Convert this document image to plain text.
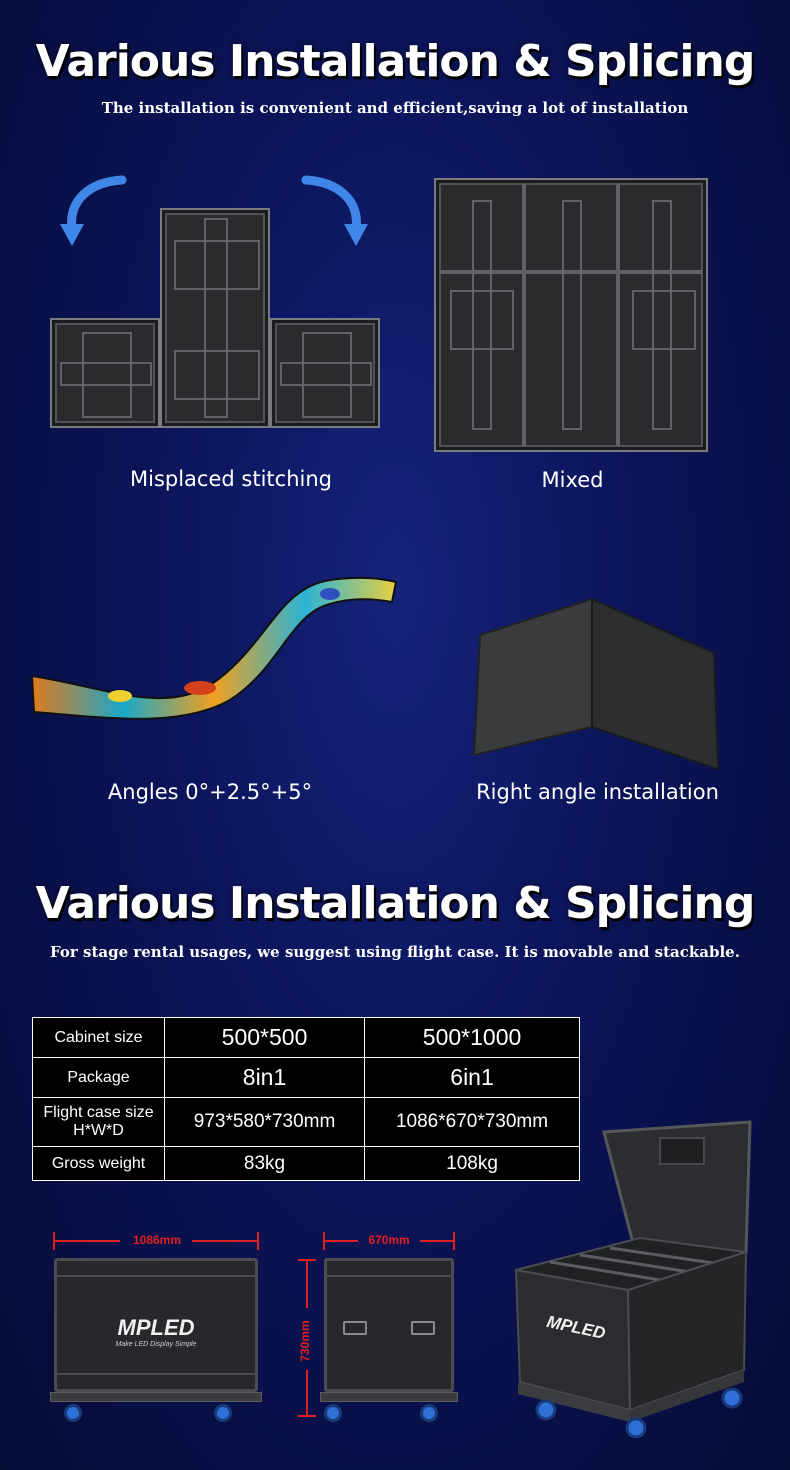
Various Installation & Splicing
The installation is convenient and efficient,saving a lot of installation
Misplaced stitching	Mixed
Angles 0°+2.5°+5°	Right angle installation
Various Installation & Splicing
For stage rental usages, we suggest using flight case. It is movable and stackable.
Cabinet size	500*500	500*1000
Package	8in1	6in1
Flight case size H*W*D	973*580*730mm	1086*670*730mm
Gross weight	83kg	108kg
1086mm
MPLED
Make LED Display Simple
670mm
730mm	MPLED
